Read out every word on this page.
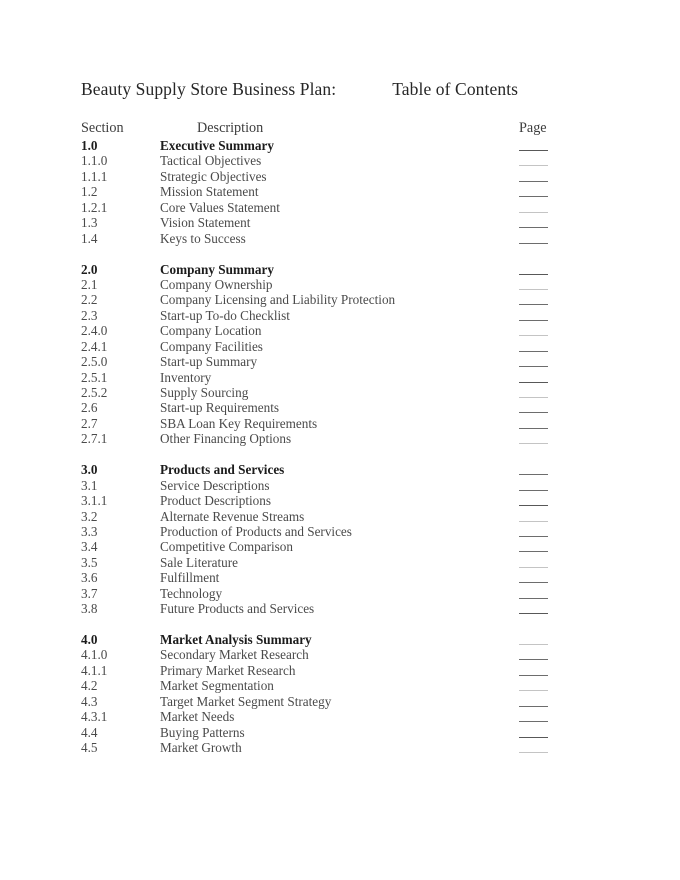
Beauty Supply Store Business Plan:	Table of Contents
Section	Description	Page
1.0	Executive Summary
1.1.0	Tactical Objectives
1.1.1	Strategic Objectives
1.2	Mission Statement
1.2.1	Core Values Statement
1.3	Vision Statement
1.4	Keys to Success
2.0	Company Summary
2.1	Company Ownership
2.2	Company Licensing and Liability Protection
2.3	Start-up To-do Checklist
2.4.0	Company Location
2.4.1	Company Facilities
2.5.0	Start-up Summary
2.5.1	Inventory
2.5.2	Supply Sourcing
2.6	Start-up Requirements
2.7	SBA Loan Key Requirements
2.7.1	Other Financing Options
3.0	Products and Services
3.1	Service Descriptions
3.1.1	Product Descriptions
3.2	Alternate Revenue Streams
3.3	Production of Products and Services
3.4	Competitive Comparison
3.5	Sale Literature
3.6	Fulfillment
3.7	Technology
3.8	Future Products and Services
4.0	Market Analysis Summary
4.1.0	Secondary Market Research
4.1.1	Primary Market Research
4.2	Market Segmentation
4.3	Target Market Segment Strategy
4.3.1	Market Needs
4.4	Buying Patterns
4.5	Market Growth
